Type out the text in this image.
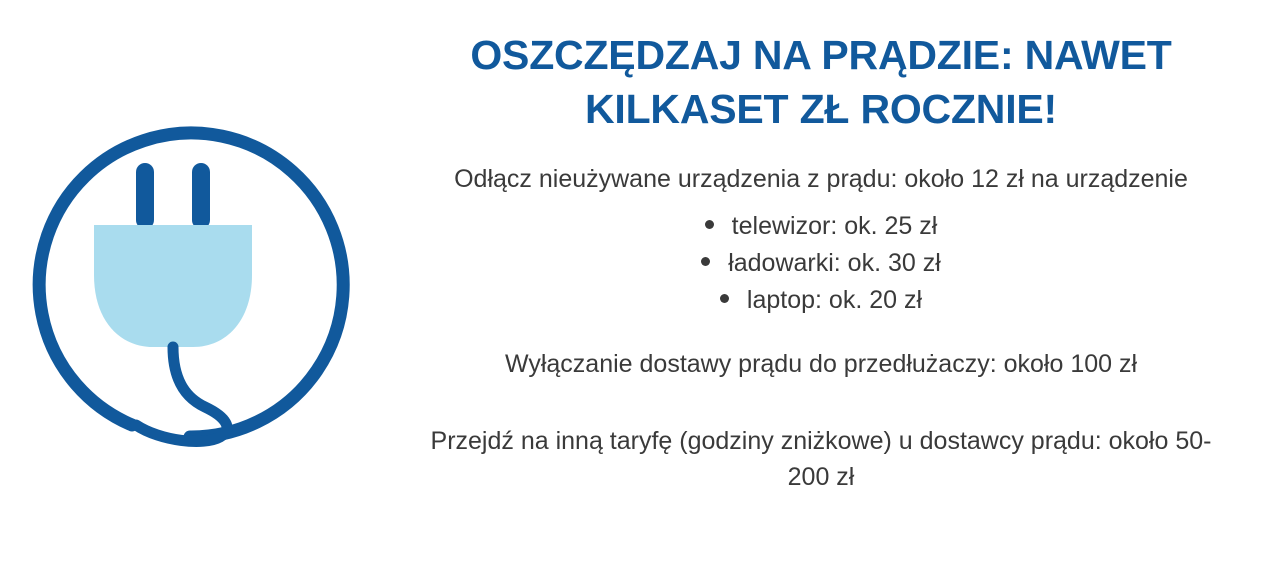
OSZCZĘDZAJ NA PRĄDZIE: NAWET KILKASET ZŁ ROCZNIE!

Odłącz nieużywane urządzenia z prądu: około 12 zł na urządzenie

telewizor: ok. 25 zł
ładowarki: ok. 30 zł
laptop: ok. 20 zł

Wyłączanie dostawy prądu do przedłużaczy: około 100 zł

Przejdź na inną taryfę (godziny zniżkowe) u dostawcy prądu: około 50-200 zł
